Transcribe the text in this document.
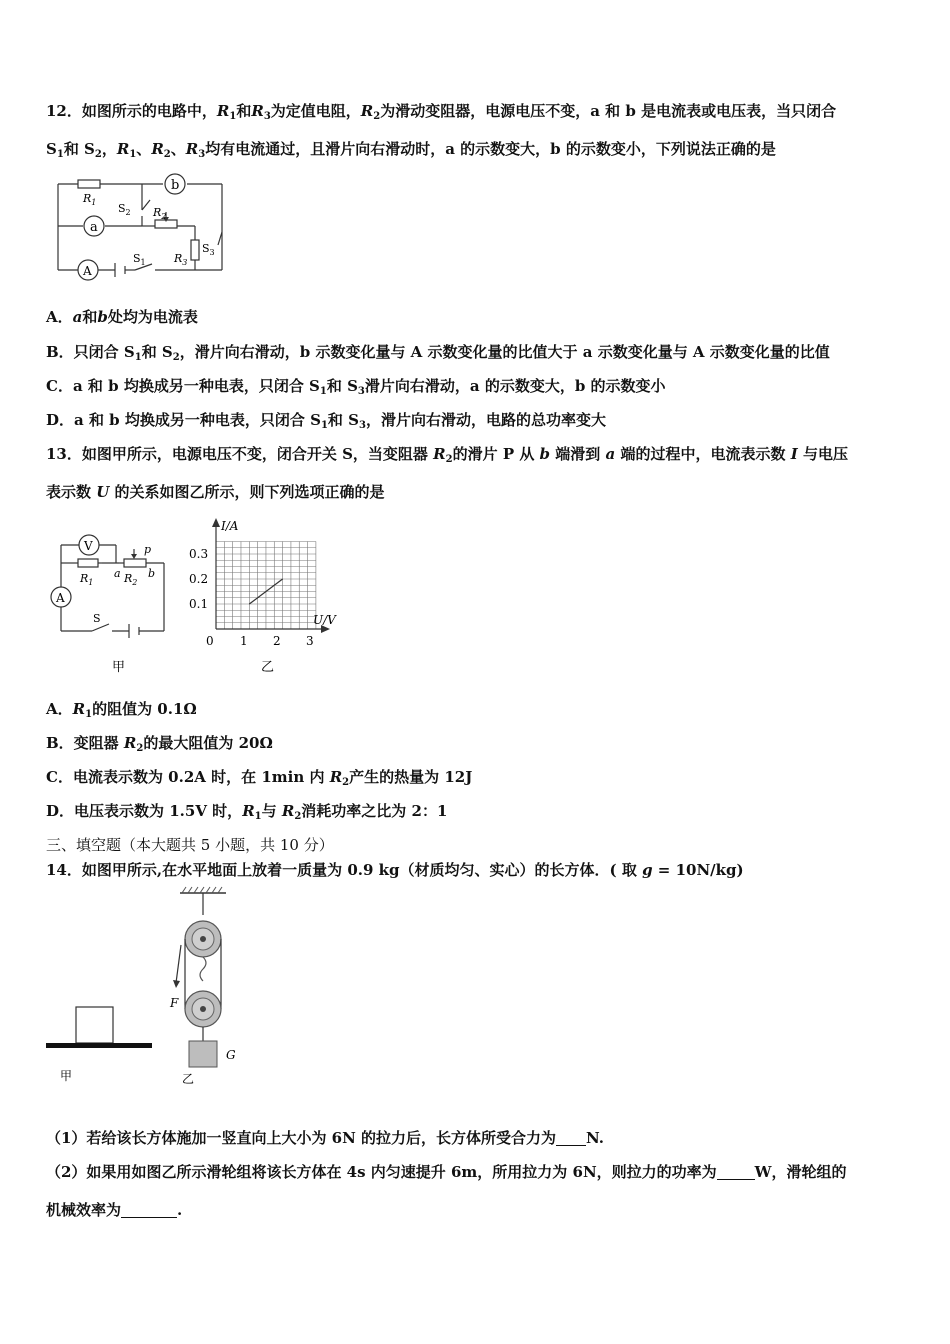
12．如图所示的电路中，$R_1$和$R_3$为定值电阻，$R_2$为滑动变阻器，电源电压不变，a 和 b 是电流表或电压表，当只闭合
$S_1$和 $S_2$，$R_1$、$R_2$、$R_3$均有电流通过，且滑片向右滑动时，a 的示数变大，b 的示数变小，下列说法正确的是
b
a
A
$R_1$
$R_2$
$R_3$
$S_1$
$S_2$
$S_3$
A．a和b处均为电流表
B．只闭合 $S_1$和 $S_2$，滑片向右滑动，b 示数变化量与 A 示数变化量的比值大于 a 示数变化量与 A 示数变化量的比值
C．a 和 b 均换成另一种电表，只闭合 $S_1$和 $S_3$滑片向右滑动，a 的示数变大，b 的示数变小
D．a 和 b 均换成另一种电表，只闭合 $S_1$和 $S_3$，滑片向右滑动，电路的总功率变大
13．如图甲所示，电源电压不变，闭合开关 S，当变阻器 $R_2$的滑片 P 从 b 端滑到 a 端的过程中，电流表示数 I 与电压
表示数 U 的关系如图乙所示，则下列选项正确的是
V
A
p
a b
$R_1$	$R_2$
S
甲
I/A
U/V
0.3
0.2
0.1
0 1 2 3
乙
A．$R_1$的阻值为 0.1Ω
B．变阻器 $R_2$的最大阻值为 20Ω
C．电流表示数为 0.2A 时，在 1min 内 $R_2$产生的热量为 12J
D．电压表示数为 1.5V 时，$R_1$与 $R_2$消耗功率之比为 2：1
三、填空题（本大题共 5 小题，共 10 分）
14．如图甲所示,在水平地面上放着一质量为 0.9 kg（材质均匀、实心）的长方体．( 取 g = 10N/kg)
甲
F
G
乙
（1）若给该长方体施加一竖直向上大小为 6N 的拉力后，长方体所受合力为 N.
（2）如果用如图乙所示滑轮组将该长方体在 4s 内匀速提升 6m，所用拉力为 6N，则拉力的功率为	W，滑轮组的
机械效率为	.
